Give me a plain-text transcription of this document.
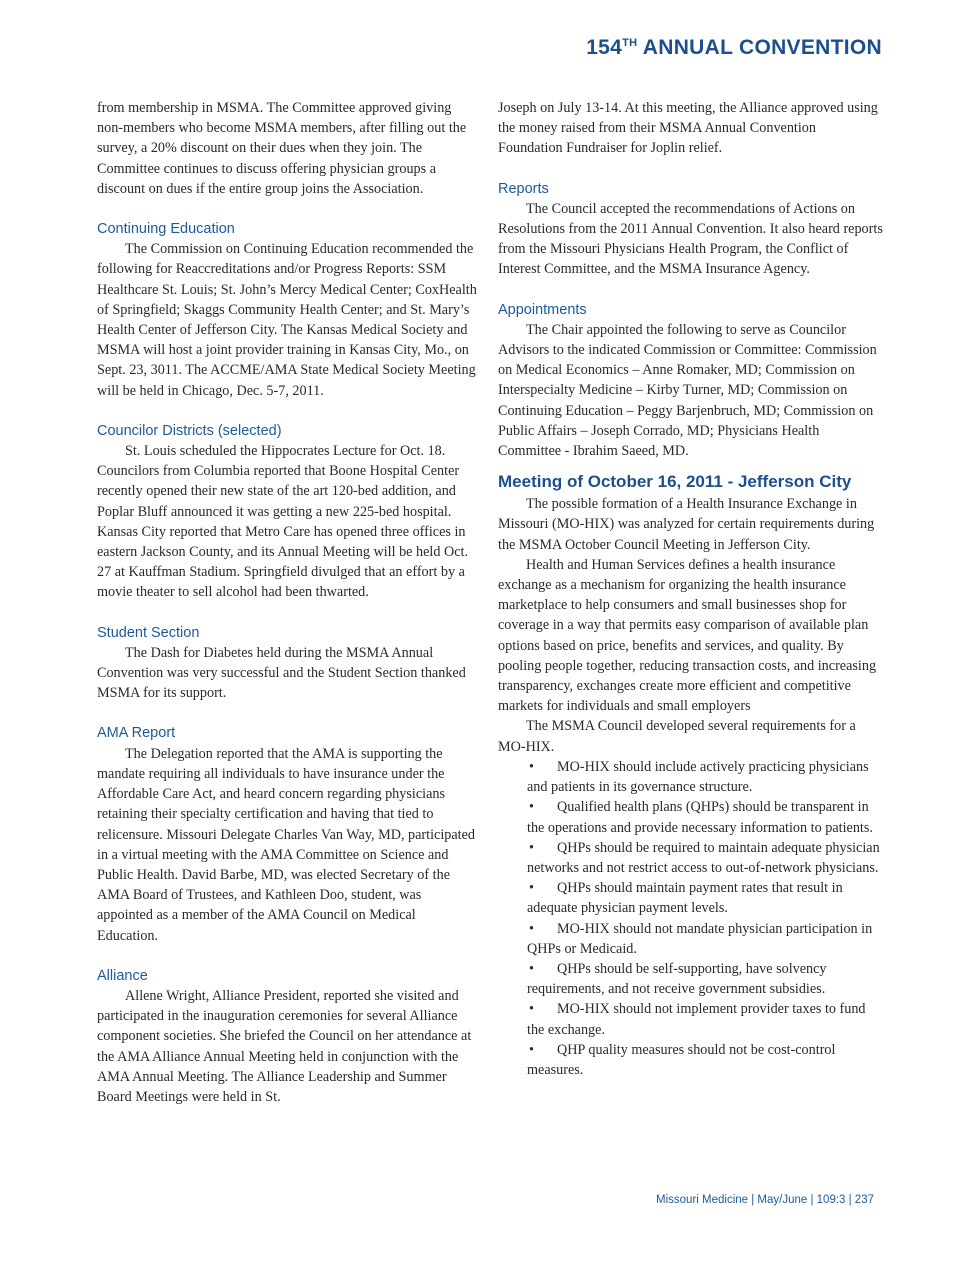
154TH ANNUAL CONVENTION

from membership in MSMA. The Committee approved giving non-members who become MSMA members, after filling out the survey, a 20% discount on their dues when they join. The Committee continues to discuss offering physician groups a discount on dues if the entire group joins the Association.

Continuing Education

The Commission on Continuing Education recommended the following for Reaccreditations and/or Progress Reports: SSM Healthcare St. Louis; St. John’s Mercy Medical Center; CoxHealth of Springfield; Skaggs Community Health Center; and St. Mary’s Health Center of Jefferson City. The Kansas Medical Society and MSMA will host a joint provider training in Kansas City, Mo., on Sept. 23, 3011. The ACCME/AMA State Medical Society Meeting will be held in Chicago, Dec. 5-7, 2011.

Councilor Districts (selected)

St. Louis scheduled the Hippocrates Lecture for Oct. 18. Councilors from Columbia reported that Boone Hospital Center recently opened their new state of the art 120-bed addition, and Poplar Bluff announced it was getting a new 225-bed hospital. Kansas City reported that Metro Care has opened three offices in eastern Jackson County, and its Annual Meeting will be held Oct. 27 at Kauffman Stadium. Springfield divulged that an effort by a movie theater to sell alcohol had been thwarted.

Student Section

The Dash for Diabetes held during the MSMA Annual Convention was very successful and the Student Section thanked MSMA for its support.

AMA Report

The Delegation reported that the AMA is supporting the mandate requiring all individuals to have insurance under the Affordable Care Act, and heard concern regarding physicians retaining their specialty certification and having that tied to relicensure. Missouri Delegate Charles Van Way, MD, participated in a virtual meeting with the AMA Committee on Science and Public Health. David Barbe, MD, was elected Secretary of the AMA Board of Trustees, and Kathleen Doo, student, was appointed as a member of the AMA Council on Medical Education.

Alliance

Allene Wright, Alliance President, reported she visited and participated in the inauguration ceremonies for several Alliance component societies. She briefed the Council on her attendance at the AMA Alliance Annual Meeting held in conjunction with the AMA Annual Meeting. The Alliance Leadership and Summer Board Meetings were held in St.

Joseph on July 13-14. At this meeting, the Alliance approved using the money raised from their MSMA Annual Convention Foundation Fundraiser for Joplin relief.

Reports

The Council accepted the recommendations of Actions on Resolutions from the 2011 Annual Convention. It also heard reports from the Missouri Physicians Health Program, the Conflict of Interest Committee, and the MSMA Insurance Agency.

Appointments

The Chair appointed the following to serve as Councilor Advisors to the indicated Commission or Committee: Commission on Medical Economics – Anne Romaker, MD; Commission on Interspecialty Medicine – Kirby Turner, MD; Commission on Continuing Education – Peggy Barjenbruch, MD; Commission on Public Affairs – Joseph Corrado, MD; Physicians Health Committee - Ibrahim Saeed, MD.

Meeting of October 16, 2011 - Jefferson City

The possible formation of a Health Insurance Exchange in Missouri (MO-HIX) was analyzed for certain requirements during the MSMA October Council Meeting in Jefferson City.

Health and Human Services defines a health insurance exchange as a mechanism for organizing the health insurance marketplace to help consumers and small businesses shop for coverage in a way that permits easy comparison of available plan options based on price, benefits and services, and quality. By pooling people together, reducing transaction costs, and increasing transparency, exchanges create more efficient and competitive markets for individuals and small employers

The MSMA Council developed several requirements for a MO-HIX.

• MO-HIX should include actively practicing physicians and patients in its governance structure.
• Qualified health plans (QHPs) should be transparent in the operations and provide necessary information to patients.
• QHPs should be required to maintain adequate physician networks and not restrict access to out-of-network physicians.
• QHPs should maintain payment rates that result in adequate physician payment levels.
• MO-HIX should not mandate physician participation in QHPs or Medicaid.
• QHPs should be self-supporting, have solvency requirements, and not receive government subsidies.
• MO-HIX should not implement provider taxes to fund the exchange.
• QHP quality measures should not be cost-control measures.
Missouri Medicine | May/June | 109:3 | 237
